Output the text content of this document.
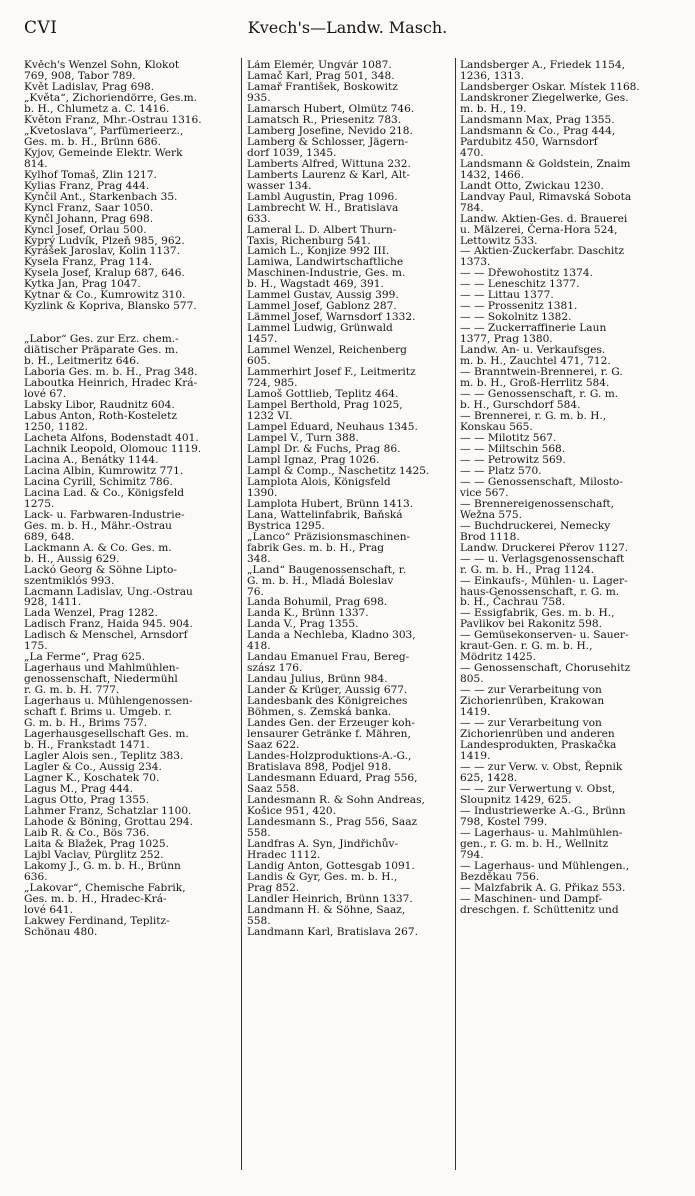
CVI	Kvech's—Landw. Masch.
Kvěch's Wenzel Sohn, Klokot
769, 908, Tabor 789.
Květ Ladislav, Prag 698.
„Květa“, Zichoriendörre, Ges.m.
b. H., Chlumetz a. C. 1416.
Květon Franz, Mhr.-Ostrau 1316.
„Kvetoslava“, Parfümerieerz.,
Ges. m. b. H., Brünn 686.
Kyjov, Gemeinde Elektr. Werk
814.
Kylhof Tomaš, Zlin 1217.
Kylias Franz, Prag 444.
Kynčil Ant., Starkenbach 35.
Kyncl Franz, Saar 1050.
Kynčl Johann, Prag 698.
Kyncl Josef, Orlau 500.
Kyprý Ludvík, Plzeň 985, 962.
Kyrášek Jaroslav, Kolin 1137.
Kysela Franz, Prag 114.
Kysela Josef, Kralup 687, 646.
Kytka Jan, Prag 1047.
Kytnar & Co., Kumrowitz 310.
Kyzlink & Kopriva, Blansko 577.

„Labor“ Ges. zur Erz. chem.-
diätischer Präparate Ges. m.
b. H., Leitmeritz 646.
Laboria Ges. m. b. H., Prag 348.
Laboutka Heinrich, Hradec Krá-
lové 67.
Labsky Libor, Raudnitz 604.
Labus Anton, Roth-Kosteletz
1250, 1182.
Lacheta Alfons, Bodenstadt 401.
Lachnik Leopold, Olomouc 1119.
Lacina A., Benátky 1144.
Lacina Albin, Kumrowitz 771.
Lacina Cyrill, Schimitz 786.
Lacina Lad. & Co., Königsfeld
1275.
Lack- u. Farbwaren-Industrie-
Ges. m. b. H., Mähr.-Ostrau
689, 648.
Lackmann A. & Co. Ges. m.
b. H., Aussig 629.
Lackó Georg & Söhne Lipto-
szentmiklós 993.
Lacmann Ladislav, Ung.-Ostrau
928, 1411.
Lada Wenzel, Prag 1282.
Ladisch Franz, Haida 945. 904.
Ladisch & Menschel, Arnsdorf
175.
„La Ferme“, Prag 625.
Lagerhaus und Mahlmühlen-
genossenschaft, Niedermühl
r. G. m. b. H. 777.
Lagerhaus u. Mühlengenossen-
schaft f. Brims u. Umgeb. r.
G. m. b. H., Brims 757.
Lagerhausgesellschaft Ges. m.
b. H., Frankstadt 1471.
Lagler Alois sen., Teplitz 383.
Lagler & Co., Aussig 234.
Lagner K., Koschatek 70.
Lagus M., Prag 444.
Lagus Otto, Prag 1355.
Lahmer Franz, Schatzlar 1100.
Lahode & Böning, Grottau 294.
Laib R. & Co., Bös 736.
Laita & Blažek, Prag 1025.
Lajbl Vaclav, Pürglitz 252.
Lakomy J., G. m. b. H., Brünn
636.
„Lakovar“, Chemische Fabrik,
Ges. m. b. H., Hradec-Krá-
lové 641.
Lakwey Ferdinand, Teplitz-
Schönau 480.
Lám Elemér, Ungvár 1087.
Lamač Karl, Prag 501, 348.
Lamař František, Boskowitz
935.
Lamarsch Hubert, Olmütz 746.
Lamatsch R., Priesenitz 783.
Lamberg Josefine, Nevido 218.
Lamberg & Schlosser, Jägern-
dorf 1039, 1345.
Lamberts Alfred, Wittuna 232.
Lamberts Laurenz & Karl, Alt-
wasser 134.
Lambl Augustin, Prag 1096.
Lambrecht W. H., Bratislava
633.
Lameral L. D. Albert Thurn-
Taxis, Richenburg 541.
Lamich L., Konjize 992 III.
Lamiwa, Landwirtschaftliche
Maschinen-Industrie, Ges. m.
b. H., Wagstadt 469, 391.
Lammel Gustav, Aussig 399.
Lammel Josef, Gablonz 287.
Lämmel Josef, Warnsdorf 1332.
Lammel Ludwig, Grünwald
1457.
Lammel Wenzel, Reichenberg
605.
Lammerhirt Josef F., Leitmeritz
724, 985.
Lamoš Gottlieb, Teplitz 464.
Lampel Berthold, Prag 1025,
1232 VI.
Lampel Eduard, Neuhaus 1345.
Lampel V., Turn 388.
Lampl Dr. & Fuchs, Prag 86.
Lampl Ignaz, Prag 1026.
Lampl & Comp., Naschetitz 1425.
Lamplota Alois, Königsfeld
1390.
Lamplota Hubert, Brünn 1413.
Lana, Wattelinfabrik, Baňská
Bystrica 1295.
„Lanco“ Präzisionsmaschinen-
fabrik Ges. m. b. H., Prag
348.
„Land“ Baugenossenschaft, r.
G. m. b. H., Mladá Boleslav
76.
Landa Bohumil, Prag 698.
Landa K., Brünn 1337.
Landa V., Prag 1355.
Landa a Nechleba, Kladno 303,
418.
Landau Emanuel Frau, Bereg-
szász 176.
Landau Julius, Brünn 984.
Lander & Krüger, Aussig 677.
Landesbank des Königreiches
Böhmen, s. Zemská banka.
Landes Gen. der Erzeuger koh-
lensaurer Getränke f. Mähren,
Saaz 622.
Landes-Holzproduktions-A.-G.,
Bratislava 898, Podjel 918.
Landesmann Eduard, Prag 556,
Saaz 558.
Landesmann R. & Sohn Andreas,
Košice 951, 420.
Landesmann S., Prag 556, Saaz
558.
Landfras A. Syn, Jindřichův-
Hradec 1112.
Landig Anton, Gottesgab 1091.
Landis & Gyr, Ges. m. b. H.,
Prag 852.
Landler Heinrich, Brünn 1337.
Landmann H. & Söhne, Saaz,
558.
Landmann Karl, Bratislava 267.
Landsberger A., Friedek 1154,
1236, 1313.
Landsberger Oskar. Místek 1168.
Landskroner Ziegelwerke, Ges.
m. b. H., 19.
Landsmann Max, Prag 1355.
Landsmann & Co., Prag 444,
Pardubitz 450, Warnsdorf
470.
Landsmann & Goldstein, Znaim
1432, 1466.
Landt Otto, Zwickau 1230.
Landvay Paul, Rimavská Sobota
784.
Landw. Aktien-Ges. d. Brauerei
u. Mälzerei, Černa-Hora 524,
Lettowitz 533.
— Aktien-Zuckerfabr. Daschitz
1373.
— — Dřewohostitz 1374.
— — Leneschitz 1377.
— — Littau 1377.
— — Prossenitz 1381.
— — Sokolnitz 1382.
— — Zuckerraffinerie Laun
1377, Prag 1380.
Landw. An- u. Verkaufsges.
m. b. H., Zauchtel 471, 712.
— Branntwein-Brennerei, r. G.
m. b. H., Groß-Herrlitz 584.
— — Genossenschaft, r. G. m.
b. H., Gurschdorf 584.
— Brennerei, r. G. m. b. H.,
Konskau 565.
— — Milotitz 567.
— — Miltschin 568.
— — Petrowitz 569.
— — Platz 570.
— — Genossenschaft, Milosto-
vice 567.
— Brennereigenossenschaft,
Wežna 575.
— Buchdruckerei, Nemecky
Brod 1118.
Landw. Druckerei Přerov 1127.
— — u. Verlagsgenossenschaft
r. G. m. b. H., Prag 1124.
— Einkaufs-, Mühlen- u. Lager-
haus-Genossenschaft, r. G. m.
b. H., Čachrau 758.
— Essigfabrik, Ges. m. b. H.,
Pavlikov bei Rakonitz 598.
— Gemüsekonserven- u. Sauer-
kraut-Gen. r. G. m. b. H.,
Mödritz 1425.
— Genossenschaft, Chorusehitz
805.
— — zur Verarbeitung von
Zichorienrüben, Krakowan
1419.
— — zur Verarbeitung von
Zichorienrüben und anderen
Landesprodukten, Praskačka
1419.
— — zur Verw. v. Obst, Řepnik
625, 1428.
— — zur Verwertung v. Obst,
Sloupnitz 1429, 625.
— Industriewerke A.-G., Brünn
798, Kostel 799.
— Lagerhaus- u. Mahlmühlen-
gen., r. G. m. b. H., Wellnitz
794.
— Lagerhaus- und Mühlengen.,
Bezděkau 756.
— Malzfabrik A. G. Přikaz 553.
— Maschinen- und Dampf-
dreschgen. f. Schüttenitz und
